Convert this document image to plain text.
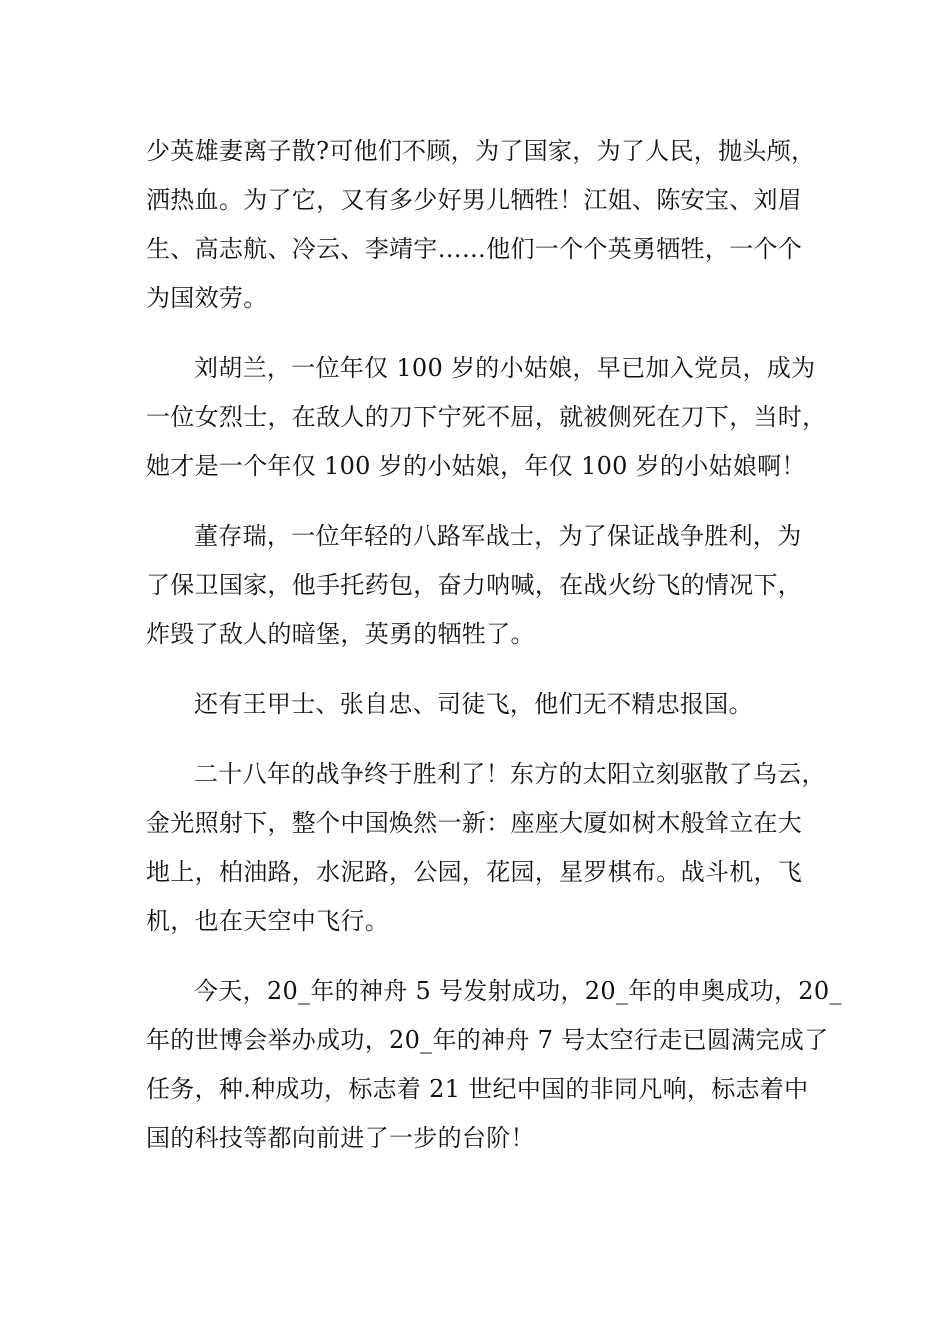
少英雄妻离子散?可他们不顾，为了国家，为了人民，抛头颅，
洒热血。为了它，又有多少好男儿牺牲！江姐、陈安宝、刘眉
生、高志航、冷云、李靖宇……他们一个个英勇牺牲，一个个
为国效劳。
刘胡兰，一位年仅 100 岁的小姑娘，早已加入党员，成为
一位女烈士，在敌人的刀下宁死不屈，就被侧死在刀下，当时，
她才是一个年仅 100 岁的小姑娘，年仅 100 岁的小姑娘啊！
董存瑞，一位年轻的八路军战士，为了保证战争胜利，为
了保卫国家，他手托药包，奋力呐喊，在战火纷飞的情况下，
炸毁了敌人的暗堡，英勇的牺牲了。
还有王甲士、张自忠、司徒飞，他们无不精忠报国。
二十八年的战争终于胜利了！东方的太阳立刻驱散了乌云，
金光照射下，整个中国焕然一新：座座大厦如树木般耸立在大
地上，柏油路，水泥路，公园，花园，星罗棋布。战斗机，飞
机，也在天空中飞行。
今天，20_年的神舟 5 号发射成功，20_年的申奥成功，20_
年的世博会举办成功，20_年的神舟 7 号太空行走已圆满完成了
任务，种.种成功，标志着 21 世纪中国的非同凡响，标志着中
国的科技等都向前进了一步的台阶！
